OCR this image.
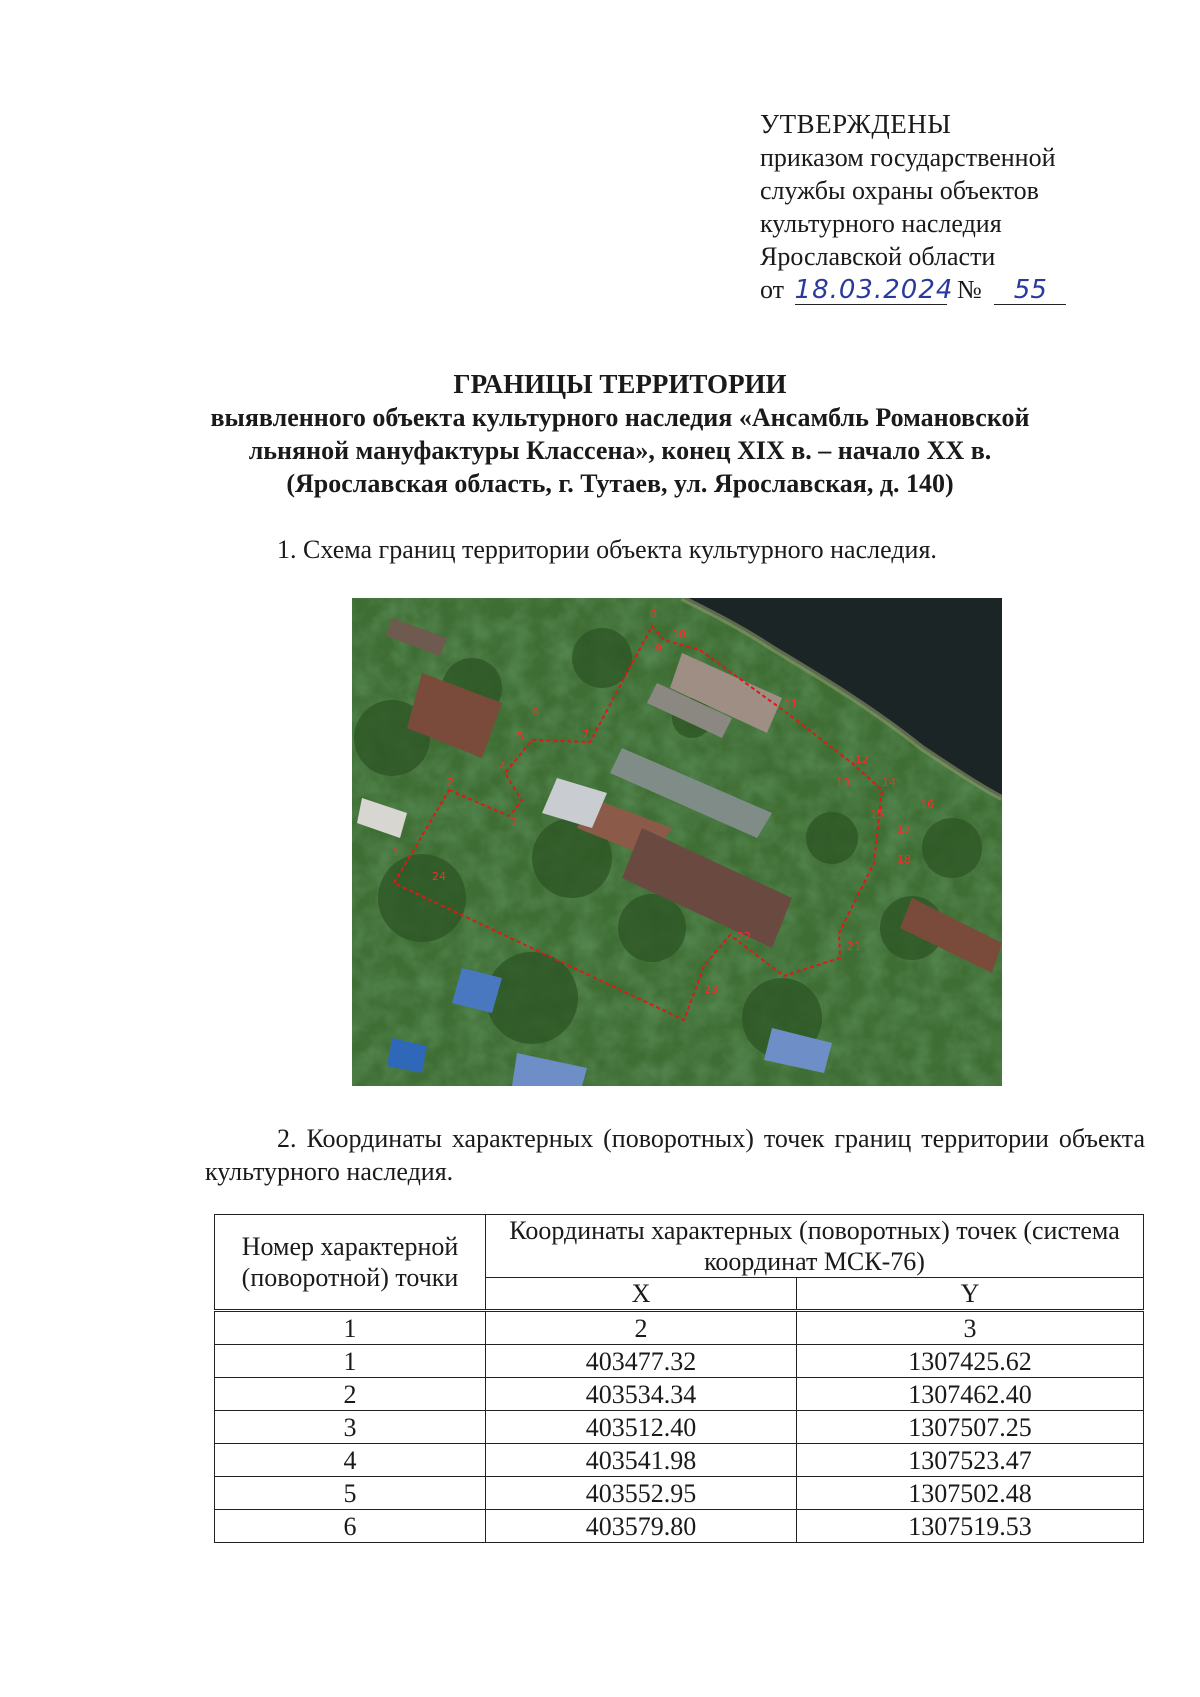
УТВЕРЖДЕНЫ
приказом государственной
службы охраны объектов
культурного наследия
Ярославской области
от 18.03.2024 № 55
ГРАНИЦЫ ТЕРРИТОРИИ
выявленного объекта культурного наследия «Ансамбль Романовской
льняной мануфактуры Классена», конец XIX в. – начало XX в.
(Ярославская область, г. Тутаев, ул. Ярославская, д. 140)
1. Схема границ территории объекта культурного наследия.
1
2
3
4
5
6
7
8
9
10
11
12
13	14
15
16
17
18
21
22
23
24
2. Координаты характерных (поворотных) точек границ территории объекта культурного наследия.
Номер характерной (поворотной) точки	Координаты характерных (поворотных) точек (система координат МСК-76)	
	X	Y
1	2	3
1	403477.32	1307425.62
2	403534.34	1307462.40
3	403512.40	1307507.25
4	403541.98	1307523.47
5	403552.95	1307502.48
6	403579.80	1307519.53
